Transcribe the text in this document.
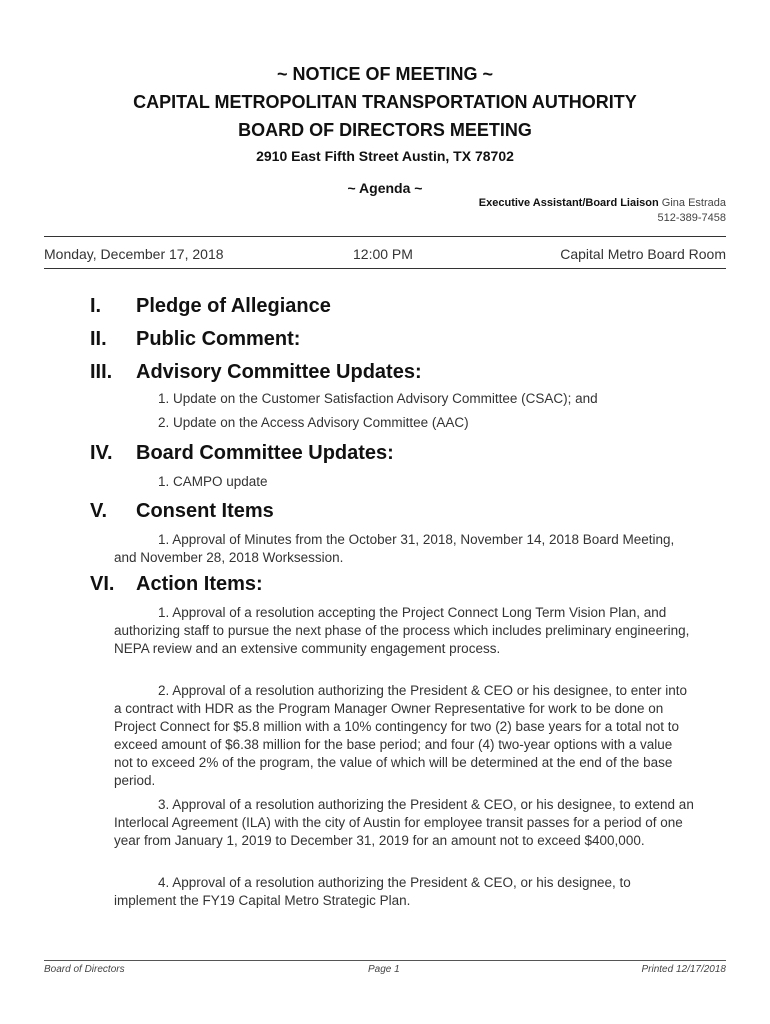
~ NOTICE OF MEETING ~
CAPITAL METROPOLITAN TRANSPORTATION AUTHORITY
BOARD OF DIRECTORS MEETING
2910 East Fifth Street Austin, TX 78702
~ Agenda ~
Executive Assistant/Board Liaison Gina Estrada
512-389-7458
Monday, December 17, 2018	12:00 PM	Capital Metro Board Room
I. Pledge of Allegiance
II. Public Comment:
III. Advisory Committee Updates:
1. Update on the Customer Satisfaction Advisory Committee (CSAC); and
2. Update on the Access Advisory Committee (AAC)
IV. Board Committee Updates:
1. CAMPO update
V. Consent Items
1. Approval of Minutes from the October 31, 2018, November 14, 2018 Board Meeting, and November 28, 2018 Worksession.
VI. Action Items:
1. Approval of a resolution accepting the Project Connect Long Term Vision Plan, and authorizing staff to pursue the next phase of the process which includes preliminary engineering, NEPA review and an extensive community engagement process.
2. Approval of a resolution authorizing the President & CEO or his designee, to enter into a contract with HDR as the Program Manager Owner Representative for work to be done on Project Connect for $5.8 million with a 10% contingency for two (2) base years for a total not to exceed amount of $6.38 million for the base period; and four (4) two-year options with a value not to exceed 2% of the program, the value of which will be determined at the end of the base period.
3. Approval of a resolution authorizing the President & CEO, or his designee, to extend an Interlocal Agreement (ILA) with the city of Austin for employee transit passes for a period of one year from January 1, 2019 to December 31, 2019 for an amount not to exceed $400,000.
4. Approval of a resolution authorizing the President & CEO, or his designee, to implement the FY19 Capital Metro Strategic Plan.
Board of Directors	Page 1	Printed 12/17/2018
